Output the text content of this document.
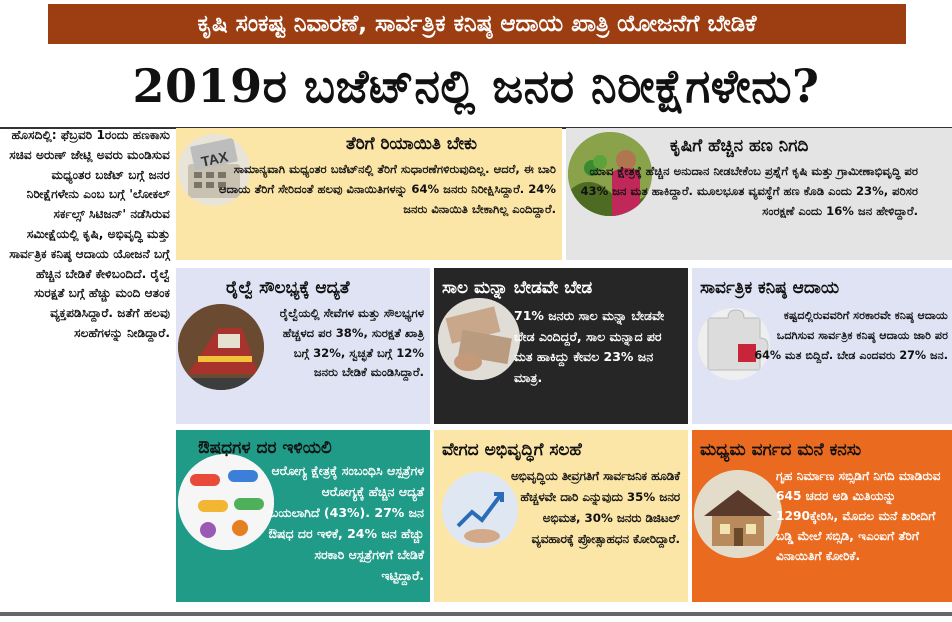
ಕೃಷಿ ಸಂಕಷ್ಟ ನಿವಾರಣೆ, ಸಾರ್ವತ್ರಿಕ ಕನಿಷ್ಠ ಆದಾಯ ಖಾತ್ರಿ ಯೋಜನೆಗೆ ಬೇಡಿಕೆ
2019ರ ಬಜೆಟ್‌ನಲ್ಲಿ ಜನರ ನಿರೀಕ್ಷೆಗಳೇನು?

ಹೊಸದಿಲ್ಲಿ: ಫೆಬ್ರವರಿ 1ರಂದು ಹಣಕಾಸು ಸಚಿವ ಅರುಣ್ ಜೇಟ್ಲಿ ಅವರು ಮಂಡಿಸುವ ಮಧ್ಯಂತರ ಬಜೆಟ್ ಬಗ್ಗೆ ಜನರ ನಿರೀಕ್ಷೆಗಳೇನು ಎಂಬ ಬಗ್ಗೆ 'ಲೋಕಲ್ ಸರ್ಕಲ್ಸ್ ಸಿಟಿಜನ್' ನಡೆಸಿರುವ ಸಮೀಕ್ಷೆಯಲ್ಲಿ ಕೃಷಿ, ಅಭಿವೃದ್ಧಿ ಮತ್ತು ಸಾರ್ವತ್ರಿಕ ಕನಿಷ್ಠ ಆದಾಯ ಯೋಜನೆ ಬಗ್ಗೆ ಹೆಚ್ಚಿನ ಬೇಡಿಕೆ ಕೇಳಿಬಂದಿದೆ. ರೈಲ್ವೆ ಸುರಕ್ಷತೆ ಬಗ್ಗೆ ಹೆಚ್ಚು ಮಂದಿ ಆತಂಕ ವ್ಯಕ್ತಪಡಿಸಿದ್ದಾರೆ. ಜತೆಗೆ ಹಲವು ಸಲಹೆಗಳನ್ನು ನೀಡಿದ್ದಾರೆ.

TAX
ತೆರಿಗೆ ರಿಯಾಯಿತಿ ಬೇಕು
ಸಾಮಾನ್ಯವಾಗಿ ಮಧ್ಯಂತರ ಬಜೆಟ್‌ನಲ್ಲಿ ತೆರಿಗೆ ಸುಧಾರಣೆಗಳಿರುವುದಿಲ್ಲ. ಆದರೆ, ಈ ಬಾರಿ ಆದಾಯ ತೆರಿಗೆ ಸೇರಿದಂತೆ ಹಲವು ವಿನಾಯಿತಿಗಳನ್ನು 64% ಜನರು ನಿರೀಕ್ಷಿಸಿದ್ದಾರೆ. 24% ಜನರು ವಿನಾಯಿತಿ ಬೇಕಾಗಿಲ್ಲ ಎಂದಿದ್ದಾರೆ.
ಕೃಷಿಗೆ ಹೆಚ್ಚಿನ ಹಣ ನಿಗದಿ
ಯಾವ ಕ್ಷೇತ್ರಕ್ಕೆ ಹೆಚ್ಚಿನ ಅನುದಾನ ನೀಡಬೇಕೆಂಬ ಪ್ರಶ್ನೆಗೆ ಕೃಷಿ ಮತ್ತು ಗ್ರಾಮೀಣಾಭಿವೃದ್ಧಿ ಪರ 43% ಜನ ಮತ ಹಾಕಿದ್ದಾರೆ. ಮೂಲಭೂತ ವ್ಯವಸ್ಥೆಗೆ ಹಣ ಕೊಡಿ ಎಂದು 23%, ಪರಿಸರ ಸಂರಕ್ಷಣೆ ಎಂದು 16% ಜನ ಹೇಳಿದ್ದಾರೆ.
ರೈಲ್ವೆ ಸೌಲಭ್ಯಕ್ಕೆ ಆದ್ಯತೆ
ರೈಲ್ವೆಯಲ್ಲಿ ಸೇವೆಗಳ ಮತ್ತು ಸೌಲಭ್ಯಗಳ ಹೆಚ್ಚಳದ ಪರ 38%, ಸುರಕ್ಷತೆ ಖಾತ್ರಿ ಬಗ್ಗೆ 32%, ಸ್ವಚ್ಛತೆ ಬಗ್ಗೆ 12% ಜನರು ಬೇಡಿಕೆ ಮಂಡಿಸಿದ್ದಾರೆ.
ಸಾಲ ಮನ್ನಾ ಬೇಡವೇ ಬೇಡ
71% ಜನರು ಸಾಲ ಮನ್ನಾ ಬೇಡವೇ ಬೇಡ ಎಂದಿದ್ದರೆ, ಸಾಲ ಮನ್ನಾದ ಪರ ಮತ ಹಾಕಿದ್ದು ಕೇವಲ 23% ಜನ ಮಾತ್ರ.
ಸಾರ್ವತ್ರಿಕ ಕನಿಷ್ಠ ಆದಾಯ
ಕಷ್ಟದಲ್ಲಿರುವವರಿಗೆ ಸರಕಾರವೇ ಕನಿಷ್ಠ ಆದಾಯ ಒದಗಿಸುವ ಸಾರ್ವತ್ರಿಕ ಕನಿಷ್ಠ ಆದಾಯ ಜಾರಿ ಪರ 64% ಮತ ಬಿದ್ದಿದೆ. ಬೇಡ ಎಂದವರು 27% ಜನ.
ಔಷಧಗಳ ದರ ಇಳಿಯಲಿ
ಆರೋಗ್ಯ ಕ್ಷೇತ್ರಕ್ಕೆ ಸಂಬಂಧಿಸಿ ಆಸ್ಪತ್ರೆಗಳ ಆರೋಗ್ಯಕ್ಕೆ ಹೆಚ್ಚಿನ ಆದ್ಯತೆ ಬಯಲಾಗಿದೆ (43%). 27% ಜನ ಔಷಧ ದರ ಇಳಿಕೆ, 24% ಜನ ಹೆಚ್ಚು ಸರಕಾರಿ ಆಸ್ಪತ್ರೆಗಳಿಗೆ ಬೇಡಿಕೆ ಇಟ್ಟಿದ್ದಾರೆ.
ವೇಗದ ಅಭಿವೃದ್ಧಿಗೆ ಸಲಹೆ
ಅಭಿವೃದ್ಧಿಯ ತೀವ್ರಗತಿಗೆ ಸಾರ್ವಜನಿಕ ಹೂಡಿಕೆ ಹೆಚ್ಚಳವೇ ದಾರಿ ಎನ್ನುವುದು 35% ಜನರ ಅಭಿಮತ, 30% ಜನರು ಡಿಜಿಟಲ್ ವ್ಯವಹಾರಕ್ಕೆ ಪ್ರೋತ್ಸಾಹಧನ ಕೋರಿದ್ದಾರೆ.
ಮಧ್ಯಮ ವರ್ಗದ ಮನೆ ಕನಸು
ಗೃಹ ನಿರ್ಮಾಣ ಸಬ್ಸಿಡಿಗೆ ನಿಗದಿ ಮಾಡಿರುವ 645 ಚದರ ಅಡಿ ಮಿತಿಯನ್ನು 1290ಕ್ಕೇರಿಸಿ, ಮೊದಲ ಮನೆ ಖರೀದಿಗೆ ಬಡ್ಡಿ ಮೇಲೆ ಸಬ್ಸಿಡಿ, ಇಎಂಐಗೆ ತೆರಿಗೆ ವಿನಾಯಿತಿಗೆ ಕೋರಿಕೆ.
